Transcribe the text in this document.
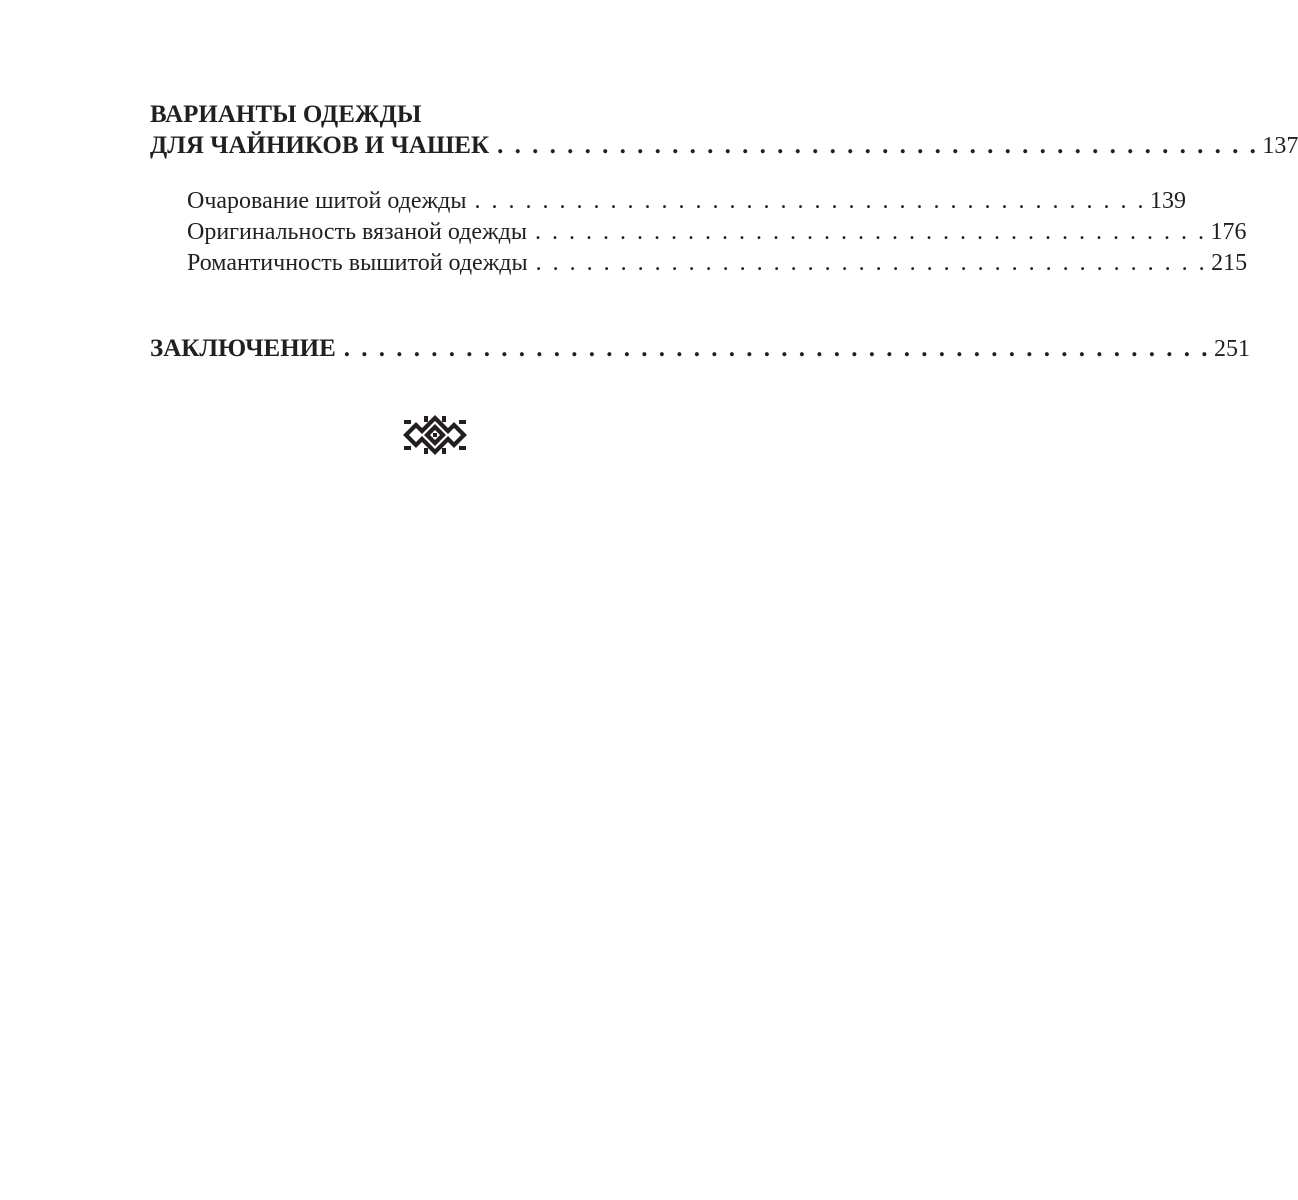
ВАРИАНТЫ ОДЕЖДЫ
ДЛЯ ЧАЙНИКОВ И ЧАШЕК . . . . . . . . . . . . . . . . . . . . . . . . . . . . . . . . . . . . . . . . . . . . 137
Очарование шитой одежды . . . . . . . . . . . . . . . . . . . . . . . . . . . . . . . . . . . . . . . . 139
Оригинальность вязаной одежды . . . . . . . . . . . . . . . . . . . . . . . . . . . . . . . . . . . . . . . . 176
Романтичность вышитой одежды . . . . . . . . . . . . . . . . . . . . . . . . . . . . . . . . . . . . . . . . 215
ЗАКЛЮЧЕНИЕ . . . . . . . . . . . . . . . . . . . . . . . . . . . . . . . . . . . . . . . . . . . . . . . . . . 251
